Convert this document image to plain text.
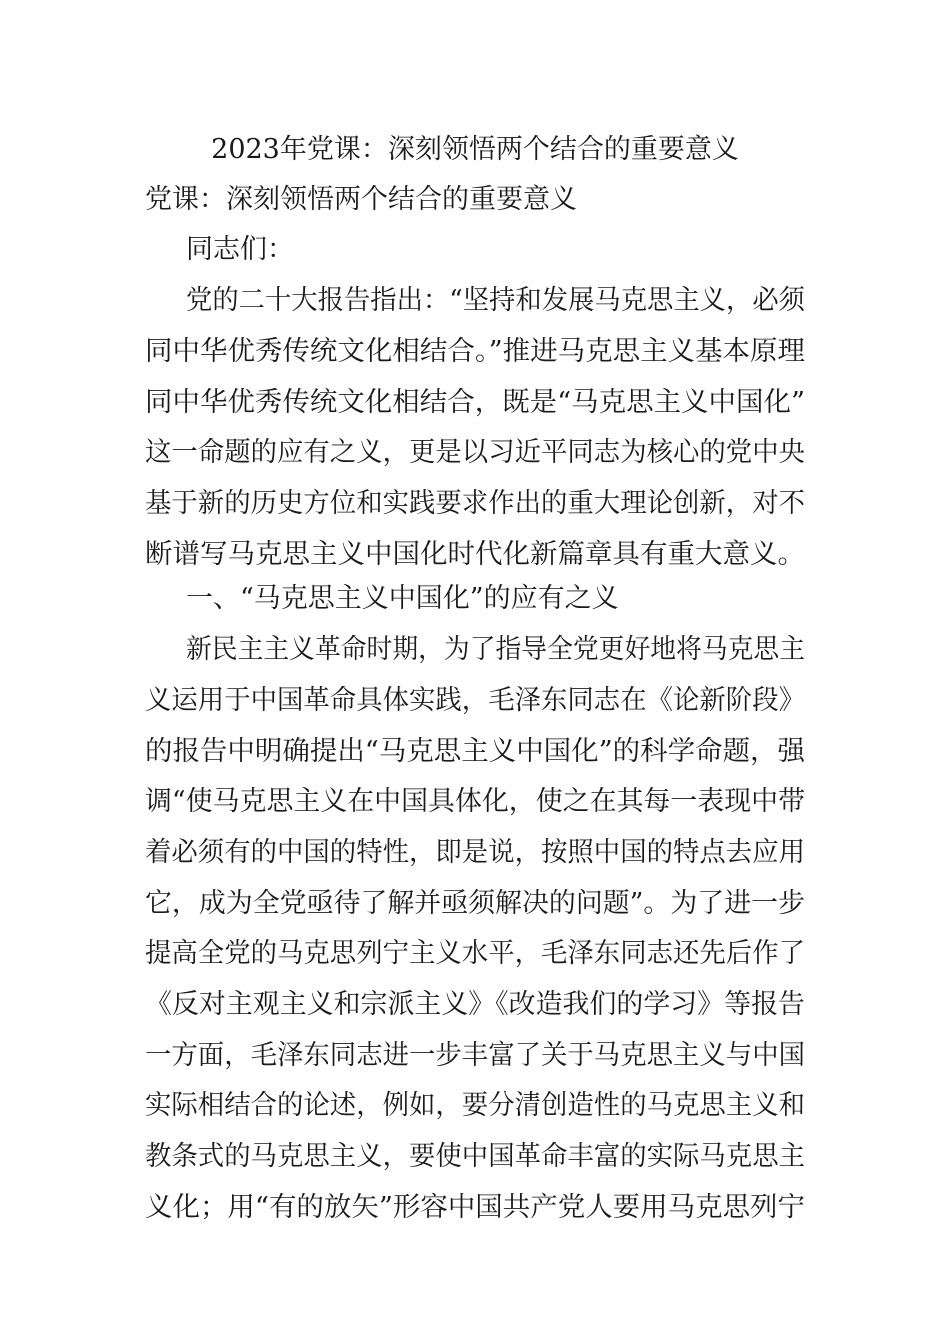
2023年党课：深刻领悟两个结合的重要意义
党课：深刻领悟两个结合的重要意义
同志们：
党的二十大报告指出：“坚持和发展马克思主义，必须
同中华优秀传统文化相结合。”推进马克思主义基本原理
同中华优秀传统文化相结合，既是“马克思主义中国化”
这一命题的应有之义，更是以习近平同志为核心的党中央
基于新的历史方位和实践要求作出的重大理论创新，对不
断谱写马克思主义中国化时代化新篇章具有重大意义。
一、“马克思主义中国化”的应有之义
新民主主义革命时期，为了指导全党更好地将马克思主
义运用于中国革命具体实践，毛泽东同志在《论新阶段》
的报告中明确提出“马克思主义中国化”的科学命题，强
调“使马克思主义在中国具体化，使之在其每一表现中带
着必须有的中国的特性，即是说，按照中国的特点去应用
它，成为全党亟待了解并亟须解决的问题”。为了进一步
提高全党的马克思列宁主义水平，毛泽东同志还先后作了
《反对主观主义和宗派主义》《改造我们的学习》等报告
一方面，毛泽东同志进一步丰富了关于马克思主义与中国
实际相结合的论述，例如，要分清创造性的马克思主义和
教条式的马克思主义，要使中国革命丰富的实际马克思主
义化；用“有的放矢”形容中国共产党人要用马克思列宁
